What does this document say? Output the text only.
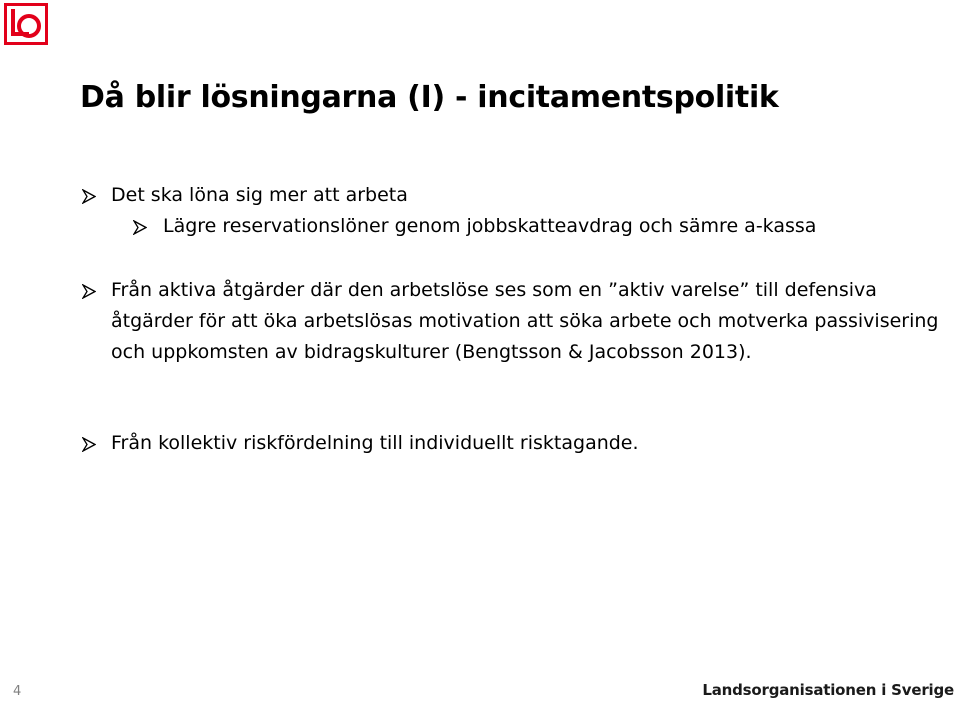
Då blir lösningarna (I) - incitamentspolitik
Det ska löna sig mer att arbeta
Lägre reservationslöner genom jobbskatteavdrag och sämre a-kassa
Från aktiva åtgärder där den arbetslöse ses som en ”aktiv varelse” till defensiva åtgärder för att öka arbetslösas motivation att söka arbete och motverka passivisering och uppkomsten av bidragskulturer (Bengtsson & Jacobsson 2013).
Från kollektiv riskfördelning till individuellt risktagande.
4	Landsorganisationen i Sverige
